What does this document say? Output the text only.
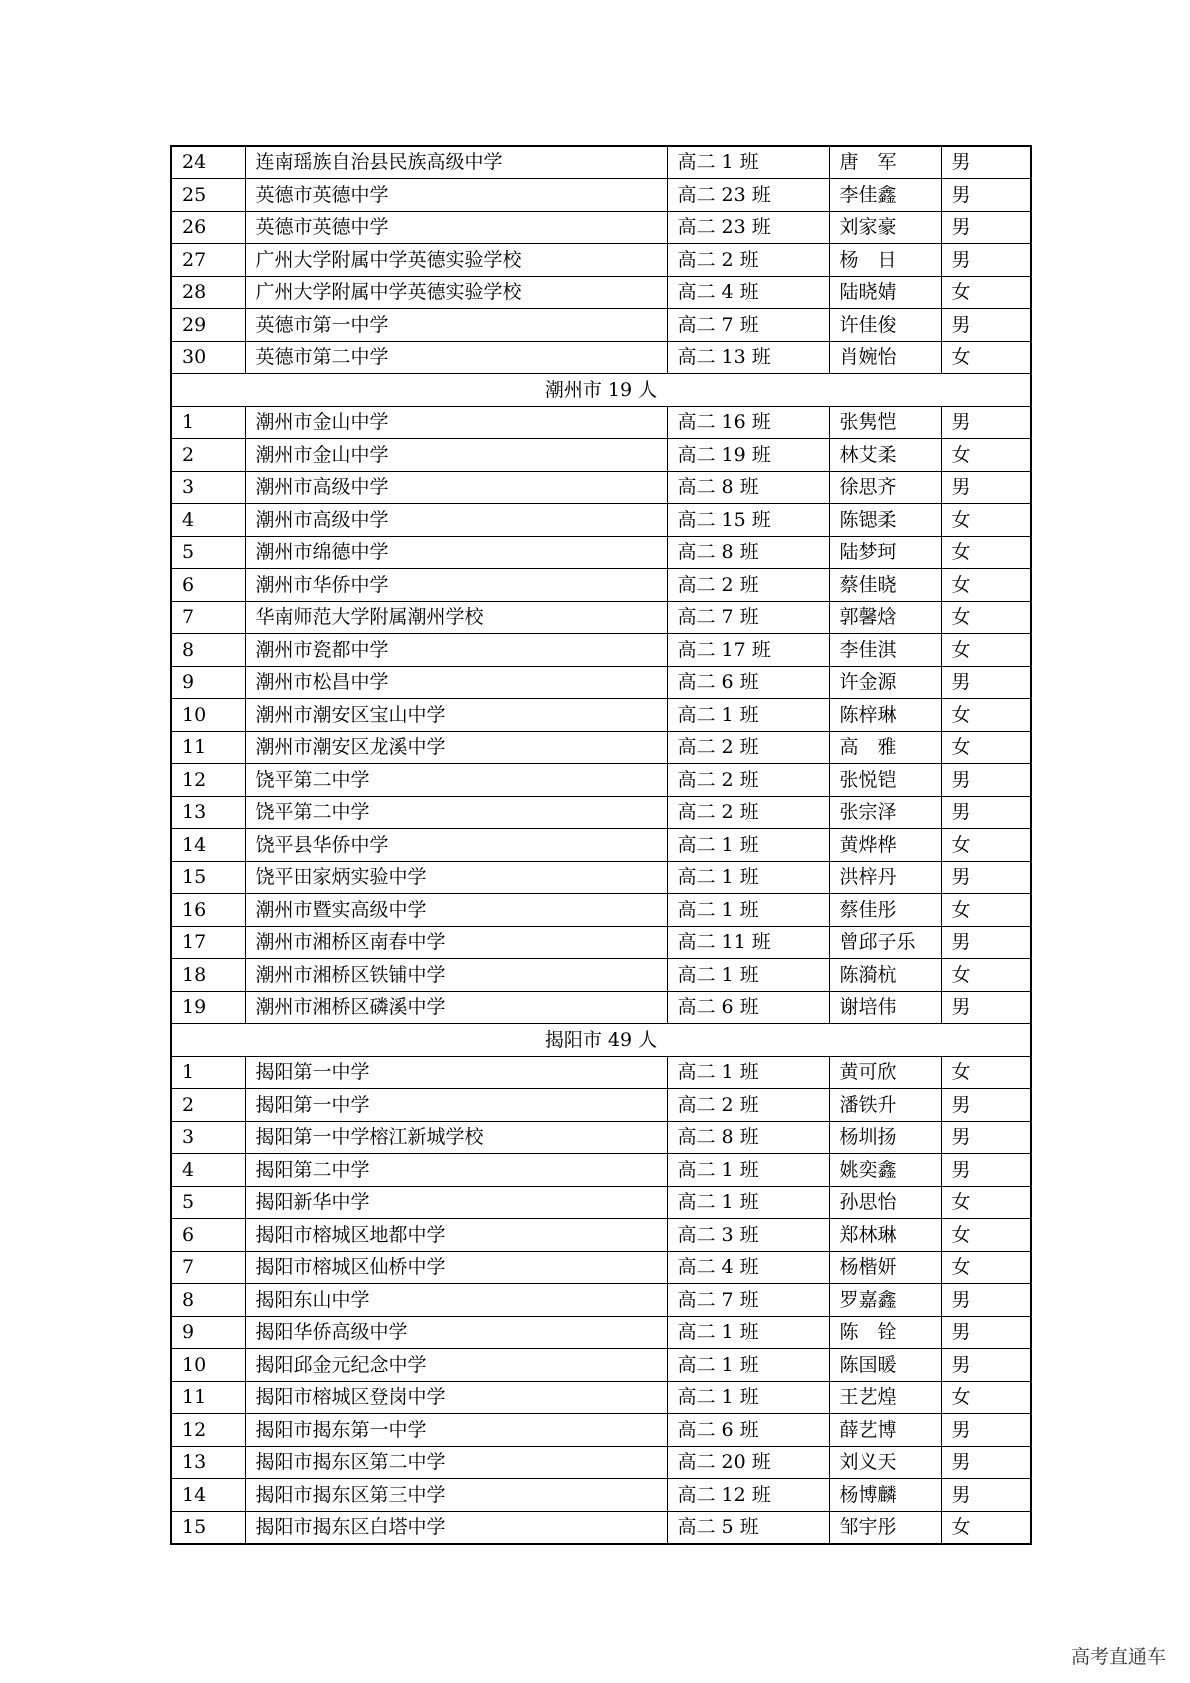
24	连南瑶族自治县民族高级中学	高二 1 班	唐　军	男
25	英德市英德中学	高二 23 班	李佳鑫	男
26	英德市英德中学	高二 23 班	刘家豪	男
27	广州大学附属中学英德实验学校	高二 2 班	杨　日	男
28	广州大学附属中学英德实验学校	高二 4 班	陆晓婧	女
29	英德市第一中学	高二 7 班	许佳俊	男
30	英德市第二中学	高二 13 班	肖婉怡	女
潮州市 19 人				
1	潮州市金山中学	高二 16 班	张隽恺	男
2	潮州市金山中学	高二 19 班	林艾柔	女
3	潮州市高级中学	高二 8 班	徐思齐	男
4	潮州市高级中学	高二 15 班	陈锶柔	女
5	潮州市绵德中学	高二 8 班	陆梦珂	女
6	潮州市华侨中学	高二 2 班	蔡佳晓	女
7	华南师范大学附属潮州学校	高二 7 班	郭馨焓	女
8	潮州市瓷都中学	高二 17 班	李佳淇	女
9	潮州市松昌中学	高二 6 班	许金源	男
10	潮州市潮安区宝山中学	高二 1 班	陈梓琳	女
11	潮州市潮安区龙溪中学	高二 2 班	高　雅	女
12	饶平第二中学	高二 2 班	张悦铠	男
13	饶平第二中学	高二 2 班	张宗泽	男
14	饶平县华侨中学	高二 1 班	黄烨桦	女
15	饶平田家炳实验中学	高二 1 班	洪梓丹	男
16	潮州市暨实高级中学	高二 1 班	蔡佳彤	女
17	潮州市湘桥区南春中学	高二 11 班	曾邱子乐	男
18	潮州市湘桥区铁铺中学	高二 1 班	陈漪杭	女
19	潮州市湘桥区磷溪中学	高二 6 班	谢培伟	男
揭阳市 49 人				
1	揭阳第一中学	高二 1 班	黄可欣	女
2	揭阳第一中学	高二 2 班	潘铁升	男
3	揭阳第一中学榕江新城学校	高二 8 班	杨圳扬	男
4	揭阳第二中学	高二 1 班	姚奕鑫	男
5	揭阳新华中学	高二 1 班	孙思怡	女
6	揭阳市榕城区地都中学	高二 3 班	郑林琳	女
7	揭阳市榕城区仙桥中学	高二 4 班	杨楷妍	女
8	揭阳东山中学	高二 7 班	罗嘉鑫	男
9	揭阳华侨高级中学	高二 1 班	陈　铨	男
10	揭阳邱金元纪念中学	高二 1 班	陈国暖	男
11	揭阳市榕城区登岗中学	高二 1 班	王艺煌	女
12	揭阳市揭东第一中学	高二 6 班	薛艺博	男
13	揭阳市揭东区第二中学	高二 20 班	刘义天	男
14	揭阳市揭东区第三中学	高二 12 班	杨博麟	男
15	揭阳市揭东区白塔中学	高二 5 班	邹宇彤	女
高考直通车
